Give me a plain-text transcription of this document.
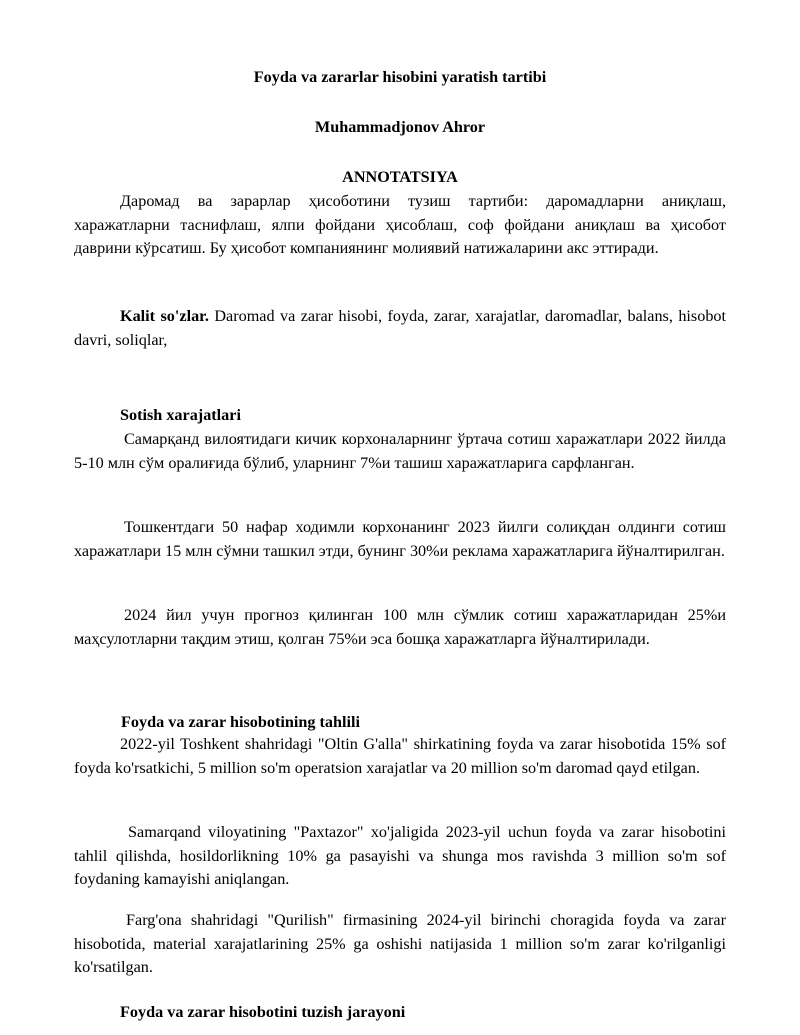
Foyda va zararlar hisobini yaratish tartibi

Muhammadjonov Ahror

ANNOTATSIYA

Даромад ва зарарлар ҳисоботини тузиш тартиби: даромадларни аниқлаш, харажатларни таснифлаш, ялпи фойдани ҳисоблаш, соф фойдани аниқлаш ва ҳисобот даврини кўрсатиш. Бу ҳисобот компаниянинг молиявий натижаларини акс эттиради.

Kalit so'zlar. Daromad va zarar hisobi, foyda, zarar, xarajatlar, daromadlar, balans, hisobot davri, soliqlar,

Sotish xarajatlari

Самарқанд вилоятидаги кичик корхоналарнинг ўртача сотиш харажатлари 2022 йилда 5-10 млн сўм оралиғида бўлиб, уларнинг 7%и ташиш харажатларига сарфланган.

Тошкентдаги 50 нафар ходимли корхонанинг 2023 йилги солиқдан олдинги сотиш харажатлари 15 млн сўмни ташкил этди, бунинг 30%и реклама харажатларига йўналтирилган.

2024 йил учун прогноз қилинган 100 млн сўмлик сотиш харажатларидан 25%и маҳсулотларни тақдим этиш, қолган 75%и эса бошқа харажатларга йўналтирилади.

Foyda va zarar hisobotining tahlili

2022-yil Toshkent shahridagi "Oltin G'alla" shirkatining foyda va zarar hisobotida 15% sof foyda ko'rsatkichi, 5 million so'm operatsion xarajatlar va 20 million so'm daromad qayd etilgan.

Samarqand viloyatining "Paxtazor" xo'jaligida 2023-yil uchun foyda va zarar hisobotini tahlil qilishda, hosildorlikning 10% ga pasayishi va shunga mos ravishda 3 million so'm sof foydaning kamayishi aniqlangan.

Farg'ona shahridagi "Qurilish" firmasining 2024-yil birinchi choragida foyda va zarar hisobotida, material xarajatlarining 25% ga oshishi natijasida 1 million so'm zarar ko'rilganligi ko'rsatilgan.

Foyda va zarar hisobotini tuzish jarayoni
